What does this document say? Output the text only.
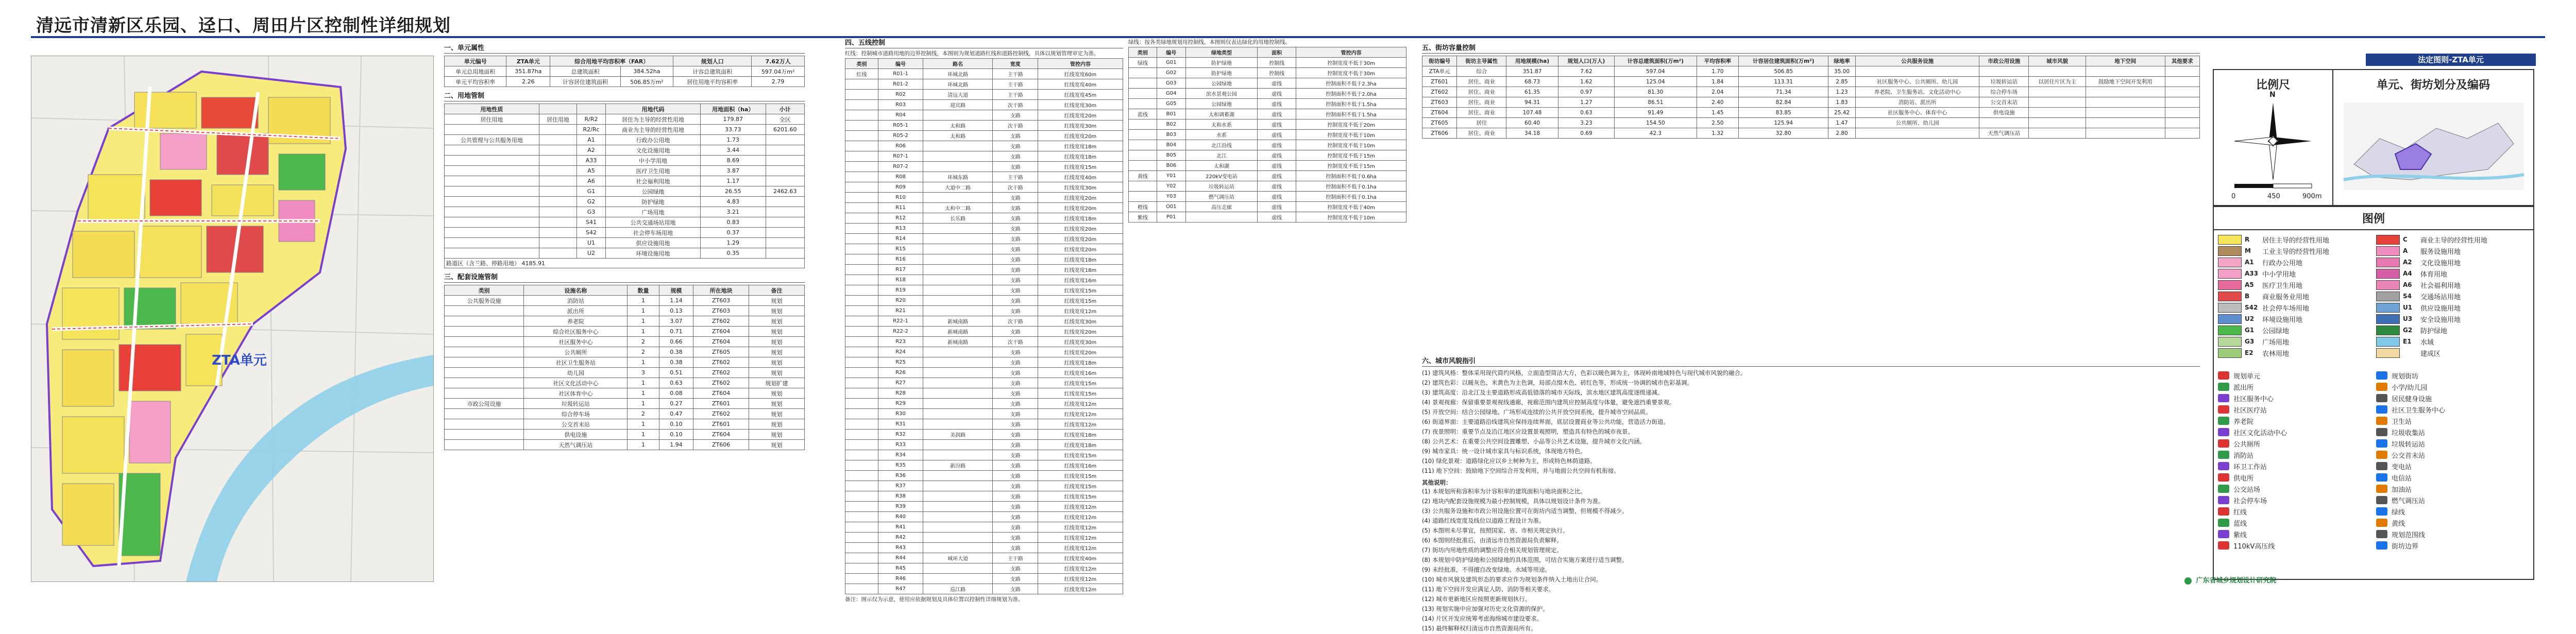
清远市清新区乐园、迳口、周田片区控制性详细规划
ZTA单元
一、单元属性
单元编号	ZTA单元	综合用地平均容积率（FAR）		规划人口	7.62万人
单元总用地面积	351.87ha	总建筑面积	384.52ha	计容总建筑面积	597.04万m²
单元平均容积率	2.26	计容居住建筑面积	506.85万m²	居住用地平均容积率	2.79
二、用地管制
用地性质			用地代码	用地面积（ha）	小计
居住用地	居住用地	R/R2	居住为主导的经营性用地	179.87	全区
		R2/Rc	商业为主导的经营性用地	33.73	6201.60
公共管理与公共服务用地		A1	行政办公用地	1.73	
		A2	文化设施用地	3.44	
		A33	中小学用地	8.69	
		A5	医疗卫生用地	3.87	
		A6	社会福利用地	1.17	
		G1	公园绿地	26.55	2462.63
		G2	防护绿地	4.83	
		G3	广场用地	3.21	
		S41	公共交通场站用地	0.83	
		S42	社会停车场用地	0.37	
		U1	供应设施用地	1.29	
		U2	环境设施用地	0.35	
路道区（含兰路、停路用地） 4185.91
三、配套设施管制
类别	设施名称	数量	规模	所在地块	备注
公共服务设施	消防站	1	1.14	ZT603	规划
	派出所	1	0.13	ZT603	规划
	养老院	1	3.07	ZT602	规划
	综合社区服务中心	1	0.71	ZT604	规划
	社区服务中心	2	0.66	ZT604	规划
	公共厕所	2	0.38	ZT605	规划
	社区卫生服务站	1	0.38	ZT602	规划
	幼儿园	3	0.51	ZT602	规划
	社区文化活动中心	1	0.63	ZT602	规划扩建
	社区体育中心	1	0.08	ZT604	规划
市政公用设施	垃圾转运站	1	0.27	ZT601	规划
	综合停车场	2	0.47	ZT602	规划
	公交首末站	1	0.10	ZT601	规划
	供电设施	1	0.10	ZT604	规划
	天然气调压站	1	1.94	ZT606	规划
四、五线控制
红线：控制城市道路用地的边界控制线，本图则为规划道路红线和道路控制线，具体以规划管理审定为准。
类别	编号	路名	宽度	管控内容
红线	R01-1	环城北路	主干路	红线宽度60m
	R01-2	环城北路	主干路	红线宽度40m
	R02	清远大道	主干路	红线宽度45m
	R03	迎宾路	次干路	红线宽度30m
	R04		支路	红线宽度20m
	R05-1	太和路	次干路	红线宽度30m
	R05-2	太和路	支路	红线宽度20m
	R06		支路	红线宽度18m
	R07-1		支路	红线宽度18m
	R07-2		支路	红线宽度15m
	R08	环城东路	主干路	红线宽度40m
	R09	大道中二路	次干路	红线宽度30m
	R10		支路	红线宽度20m
	R11	太和中二路	支路	红线宽度20m
	R12	长乐路	支路	红线宽度18m
	R13		支路	红线宽度20m
	R14		支路	红线宽度20m
	R15		支路	红线宽度20m
	R16		支路	红线宽度18m
	R17		支路	红线宽度18m
	R18		支路	红线宽度16m
	R19		支路	红线宽度15m
	R20		支路	红线宽度15m
	R21		支路	红线宽度12m
	R22-1	新城南路	次干路	红线宽度30m
	R22-2	新城南路	支路	红线宽度20m
	R23	新城南路	次干路	红线宽度30m
	R24		支路	红线宽度20m
	R25		支路	红线宽度18m
	R26		支路	红线宽度16m
	R27		支路	红线宽度15m
	R28		支路	红线宽度15m
	R29		支路	红线宽度12m
	R30		支路	红线宽度12m
	R31		支路	红线宽度12m
	R32	美润路	支路	红线宽度18m
	R33		支路	红线宽度18m
	R34		支路	红线宽度15m
	R35	新汾路	支路	红线宽度16m
	R36		支路	红线宽度15m
	R37		支路	红线宽度15m
	R38		支路	红线宽度15m
	R39		支路	红线宽度12m
	R40		支路	红线宽度12m
	R41		支路	红线宽度12m
	R42		支路	红线宽度12m
	R43		支路	红线宽度12m
	R44	城环大道	主干路	红线宽度40m
	R45		支路	红线宽度12m
	R46		支路	红线宽度12m
	R47	巡江路	支路	红线宽度12m
备注：图示仅为示意，使用应依据规划及具体位置以控制性详细规划为准。
绿线：按各类绿地规划用控制线，本图则仅表达绿化的用地控制线。
类别	编号	绿地类型	面积	管控内容
绿线	G01	防护绿地	控制线	控制宽度不低于30m
	G02	防护绿地	控制线	控制宽度不低于30m
	G03	公园绿地	虚线	控制面积不低于2.3ha
	G04	滨水景观公园	虚线	控制面积不低于2.0ha
	G05	公园绿地	虚线	控制面积不低于1.5ha
蓝线	B01	太和调蓄湖	虚线	控制面积不低于1.5ha
	B02	太和水系	虚线	控制宽度不低于20m
	B03	水系	虚线	控制宽度不低于10m
	B04	北江沿线	虚线	控制宽度不低于10m
	B05	北江	虚线	控制宽度不低于15m
	B06	太和湖	虚线	控制宽度不低于15m
黄线	Y01	220kV变电站	虚线	控制面积不低于0.6ha
	Y02	垃圾转运站	虚线	控制面积不低于0.1ha
	Y03	燃气调压站	虚线	控制面积不低于0.1ha
橙线	O01	高压走廊	虚线	控制宽度不低于40m
紫线	P01		虚线	控制宽度不低于10m
五、街坊容量控制
街坊编号	街坊主导属性	用地规模(ha)	规划人口(万人)	计容总建筑面积(万m²)	平均容积率	计容居住建筑面积(万m²)	绿地率	公共服务设施	市政公用设施	城市风貌	地下空间	其他要求
ZTA单元	综合	351.87	7.62	597.04	1.70	506.85	35.00					
ZT601	居住、商业	68.73	1.62	125.04	1.84	113.31	2.85	社区服务中心、公共厕所、幼儿园	垃圾转运站	以居住片区为主	鼓励地下空间开发利用	
ZT602	居住、商业	61.35	0.97	81.30	2.04	71.34	1.23	养老院、卫生服务站、文化活动中心	综合停车场			
ZT603	居住、商业	94.31	1.27	86.51	2.40	82.84	1.83	消防站、派出所	公交首末站			
ZT604	居住、商业	107.48	0.63	91.49	1.45	83.85	25.42	社区服务中心、体育中心	供电设施			
ZT605	居住	60.40	3.23	154.50	2.50	125.94	1.47	公共厕所、幼儿园				
ZT606	居住、商业	34.18	0.69	42.3	1.32	32.80	2.80		天然气调压站			
六、城市风貌指引

(1) 建筑风格：整体采用现代简约风格，立面造型简洁大方，色彩以暖色调为主，体现岭南地域特色与现代城市风貌的融合。

(2) 建筑色彩：以暖灰色、米黄色为主色调，局部点缀木色、砖红色等，形成统一协调的城市色彩基调。

(3) 建筑高度：沿北江及主要道路形成高低错落的城市天际线，滨水地区建筑高度逐级递减。

(4) 景观视廊：保留重要景观视线通廊，视廊范围内建筑应控制高度与体量，避免遮挡重要景观。

(5) 开放空间：结合公园绿地、广场形成连续的公共开放空间系统，提升城市空间品质。

(6) 街道界面：主要道路沿线建筑应保持连续界面，底层设置商业等公共功能，营造活力街道。

(7) 夜景照明：重要节点及沿江地区应设置景观照明，塑造具有特色的城市夜景。

(8) 公共艺术：在重要公共空间设置雕塑、小品等公共艺术设施，提升城市文化内涵。

(9) 城市家具：统一设计城市家具与标识系统，体现地方特色。

(10) 绿化景观：道路绿化应以乡土树种为主，形成特色林荫道路。

(11) 地下空间：鼓励地下空间综合开发利用，并与地面公共空间有机衔接。

其他说明：

(1) 本规划所称容积率为计容积率的建筑面积与地块面积之比。

(2) 地块内配套设施规模为最小控制规模，具体以规划设计条件为准。

(3) 公共服务设施和市政公用设施位置可在街坊内适当调整，但规模不得减少。

(4) 道路红线宽度及线位以道路工程设计为准。

(5) 本图则未尽事宜，按照国家、省、市相关规定执行。

(6) 本图则经批准后，由清远市自然资源局负责解释。

(7) 街坊内用地性质的调整应符合相关规划管理规定。

(8) 本规划中防护绿地和公园绿地的具体范围，可结合实施方案进行适当调整。

(9) 未经批准，不得擅自改变绿地、水域等用途。

(10) 城市风貌及建筑形态的要求应作为规划条件纳入土地出让合同。

(11) 地下空间开发应满足人防、消防等相关要求。

(12) 城市更新地区应按照更新规划执行。

(13) 规划实施中应加强对历史文化资源的保护。

(14) 片区开发应统筹考虑海绵城市建设要求。

(15) 最终解释权归清远市自然资源局所有。

法定图则-ZTA单元
比例尺
N
0	450	900m
单元、街坊划分及编码
图例
R	居住主导的经营性用地	C	商业主导的经营性用地
M	工业主导的经营性用地	A	服务设施用地
A1	行政办公用地	A2	文化设施用地
A33 中小学用地	A4	体育用地
A5	医疗卫生用地	A6	社会福利用地
B	商业服务业用地	S4	交通场站用地
S42 社会停车场用地	U1	供应设施用地
U2	环境设施用地	U3	安全设施用地
G1	公园绿地	G2	防护绿地
G3	广场用地	E1	水域
E2	农林用地	建成区
规划单元	规划街坊
派出所	小学/幼儿园
社区服务中心	居民健身设施
社区医疗站	社区卫生服务中心
养老院	卫生站
社区文化活动中心	垃圾收集站
公共厕所	垃圾转运站
消防站	公交首末站
环卫工作站	变电站
供电所	电信站
公交站场	加油站
社会停车场	燃气调压站
红线	绿线
蓝线	黄线
紫线	规划范围线
110kV高压线	街坊边界
广东省城乡规划设计研究院
